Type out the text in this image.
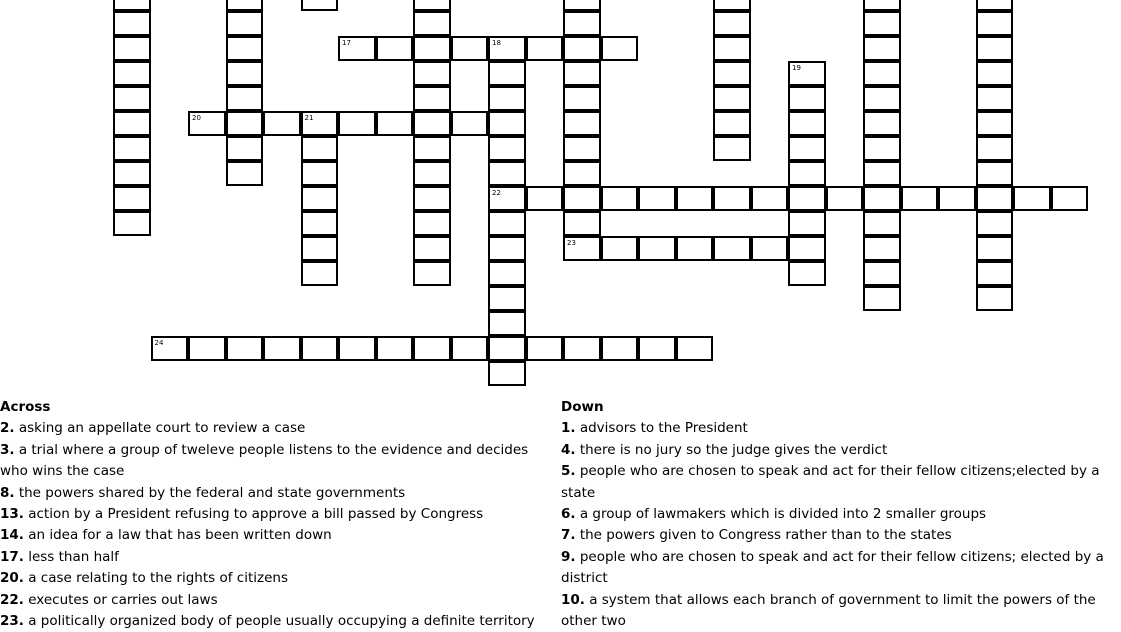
21
18
22
23
19
17
20
24
Across
2. asking an appellate court to review a case
3. a trial where a group of tweleve people listens to the evidence and decides who wins the case
8. the powers shared by the federal and state governments
13. action by a President refusing to approve a bill passed by Congress
14. an idea for a law that has been written down
17. less than half
20. a case relating to the rights of citizens
22. executes or carries out laws
23. a politically organized body of people usually occupying a definite territory
Down
1. advisors to the President
4. there is no jury so the judge gives the verdict
5. people who are chosen to speak and act for their fellow citizens;elected by a state
6. a group of lawmakers which is divided into 2 smaller groups
7. the powers given to Congress rather than to the states
9. people who are chosen to speak and act for their fellow citizens; elected by a district
10. a system that allows each branch of government to limit the powers of the other two
